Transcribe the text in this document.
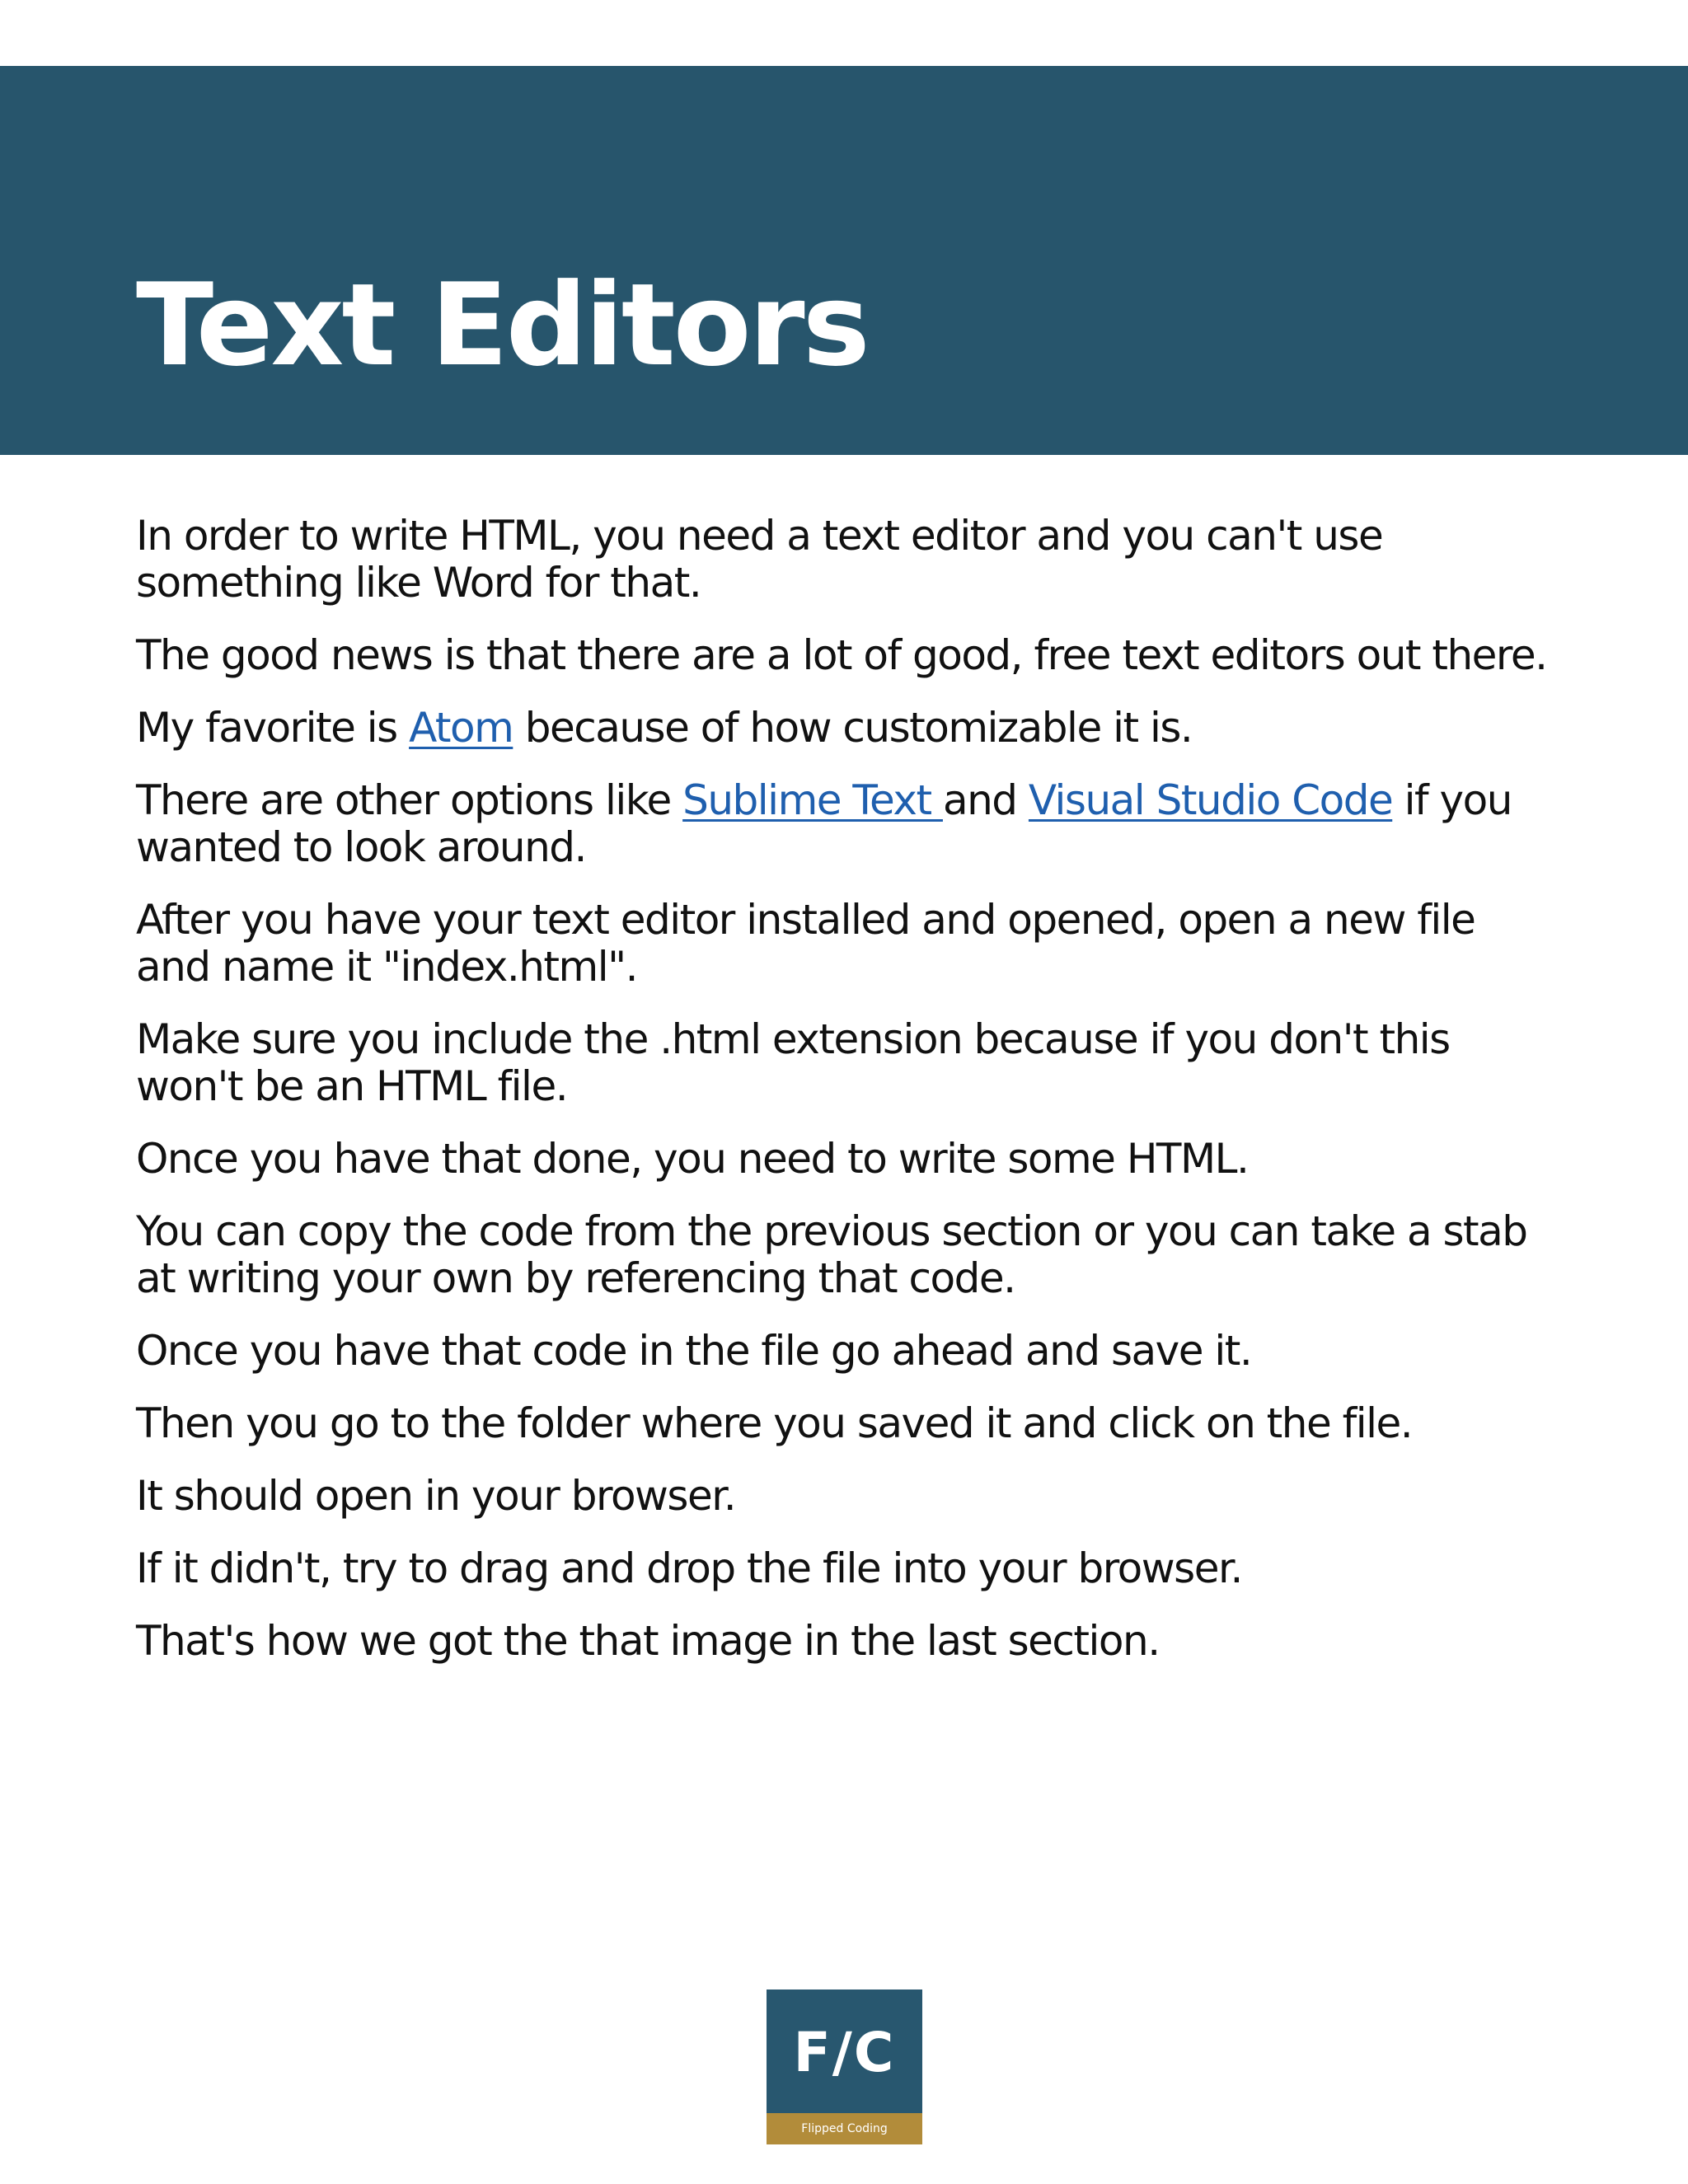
Text Editors

In order to write HTML, you need a text editor and you can't use something like Word for that.

The good news is that there are a lot of good, free text editors out there.

My favorite is Atom because of how customizable it is.

There are other options like Sublime Text and Visual Studio Code if you wanted to look around.

After you have your text editor installed and opened, open a new file and name it "index.html".

Make sure you include the .html extension because if you don't this won't be an HTML file.

Once you have that done, you need to write some HTML.

You can copy the code from the previous section or you can take a stab at writing your own by referencing that code.

Once you have that code in the file go ahead and save it.

Then you go to the folder where you saved it and click on the file.

It should open in your browser.

If it didn't, try to drag and drop the file into your browser.

That's how we got the that image in the last section.

F/C
Flipped Coding
